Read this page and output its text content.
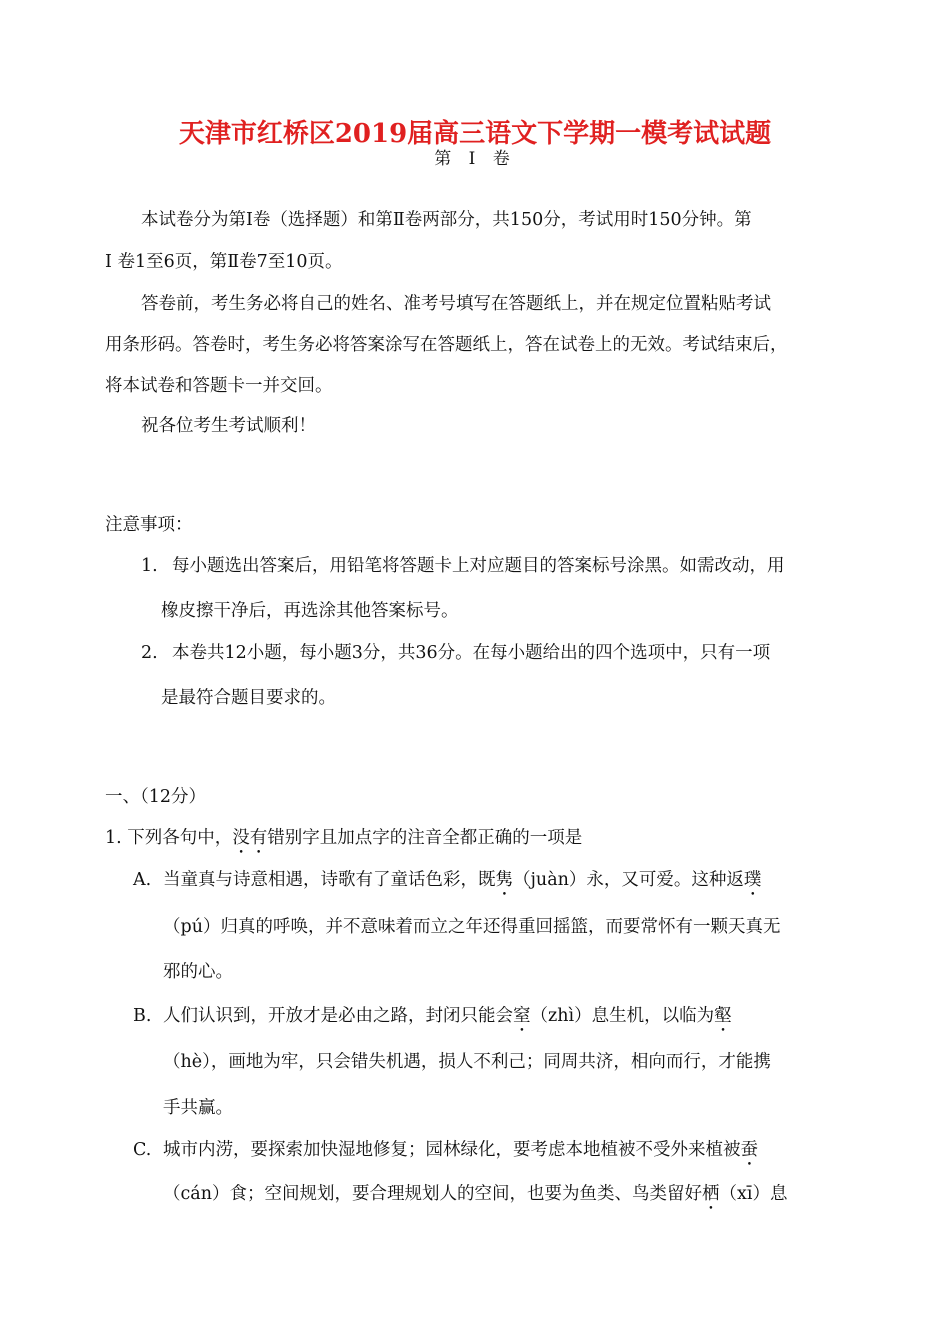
天津市红桥区2019届高三语文下学期一模考试试题
第 Ⅰ 卷
本试卷分为第Ⅰ卷（选择题）和第Ⅱ卷两部分，共150分，考试用时150分钟。第
Ⅰ 卷1至6页，第Ⅱ卷7至10页。
答卷前，考生务必将自己的姓名、准考号填写在答题纸上，并在规定位置粘贴考试
用条形码。答卷时，考生务必将答案涂写在答题纸上，答在试卷上的无效。考试结束后，
将本试卷和答题卡一并交回。
祝各位考生考试顺利！
注意事项：
1. 每小题选出答案后，用铅笔将答题卡上对应题目的答案标号涂黑。如需改动，用
橡皮擦干净后，再选涂其他答案标号。
2. 本卷共12小题，每小题3分，共36分。在每小题给出的四个选项中，只有一项
是最符合题目要求的。
一、（12分）
1. 下列各句中，没有错别字且加点字的注音全都正确的一项是
A. 当童真与诗意相遇，诗歌有了童话色彩，既隽（juàn）永，又可爱。这种返璞
（pú）归真的呼唤，并不意味着而立之年还得重回摇篮，而要常怀有一颗天真无
邪的心。
B. 人们认识到，开放才是必由之路，封闭只能会窒（zhì）息生机，以临为壑
（hè），画地为牢，只会错失机遇，损人不利己；同周共济，相向而行，才能携
手共赢。
C. 城市内涝，要探索加快湿地修复；园林绿化，要考虑本地植被不受外来植被蚕
（cán）食；空间规划，要合理规划人的空间，也要为鱼类、鸟类留好栖（xī）息
